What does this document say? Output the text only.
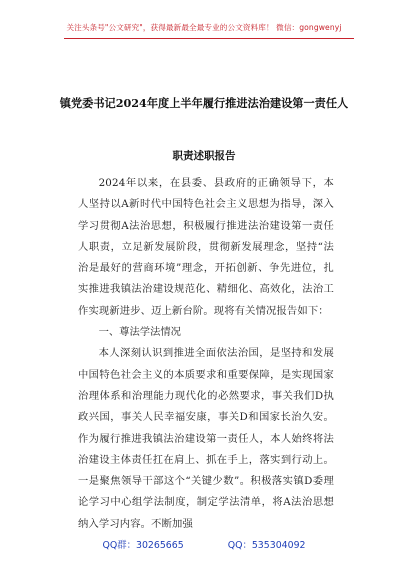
关注头条号"公文研究"，获得最新最全最专业的公文资料库！ 微信：gongwenyj
镇党委书记2024年度上半年履行推进法治建设第一责任人
职责述职报告

2024年以来，在县委、县政府的正确领导下，本人坚持以A新时代中国特色社会主义思想为指导，深入学习贯彻A法治思想，积极履行推进法治建设第一责任人职责，立足新发展阶段，贯彻新发展理念，坚持“法治是最好的营商环境”理念，开拓创新、争先进位，扎实推进我镇法治建设规范化、精细化、高效化，法治工作实现新进步、迈上新台阶。现将有关情况报告如下：

一、尊法学法情况

本人深刻认识到推进全面依法治国，是坚持和发展中国特色社会主义的本质要求和重要保障，是实现国家治理体系和治理能力现代化的必然要求，事关我们D执政兴国，事关人民幸福安康，事关D和国家长治久安。作为履行推进我镇法治建设第一责任人，本人始终将法治建设主体责任扛在肩上、抓在手上，落实到行动上。一是聚焦领导干部这个“关键少数”。积极落实镇D委理论学习中心组学法制度，制定学法清单，将A法治思想纳入学习内容。不断加强

QQ群：30265665	QQ：535304092
